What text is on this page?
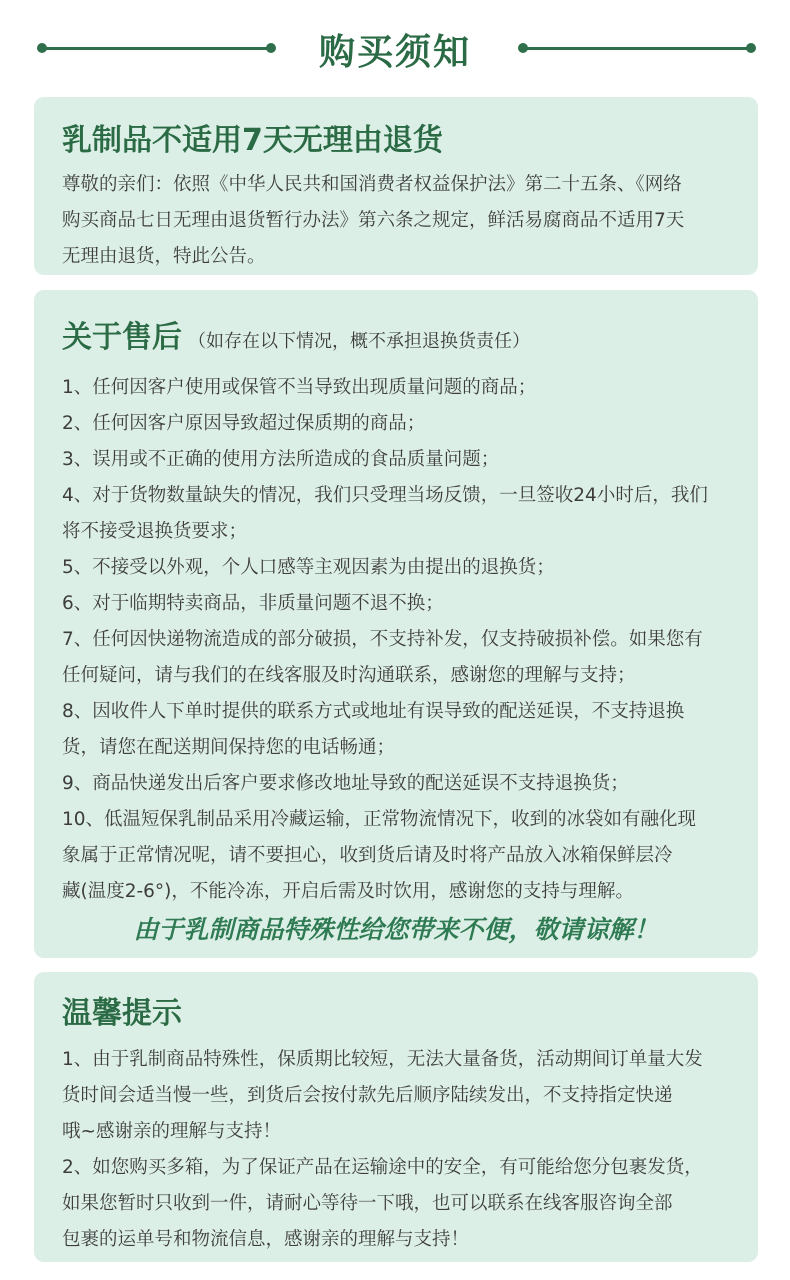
购买须知
乳制品不适用7天无理由退货
尊敬的亲们：依照《中华人民共和国消费者权益保护法》第二十五条、《网络
购买商品七日无理由退货暂行办法》第六条之规定，鲜活易腐商品不适用7天
无理由退货，特此公告。
关于售后 （如存在以下情况，概不承担退换货责任）
1、任何因客户使用或保管不当导致出现质量问题的商品；
2、任何因客户原因导致超过保质期的商品；
3、误用或不正确的使用方法所造成的食品质量问题；
4、对于货物数量缺失的情况，我们只受理当场反馈，一旦签收24小时后，我们
将不接受退换货要求；
5、不接受以外观，个人口感等主观因素为由提出的退换货；
6、对于临期特卖商品，非质量问题不退不换；
7、任何因快递物流造成的部分破损，不支持补发，仅支持破损补偿。如果您有
任何疑问，请与我们的在线客服及时沟通联系，感谢您的理解与支持；
8、因收件人下单时提供的联系方式或地址有误导致的配送延误，不支持退换
货，请您在配送期间保持您的电话畅通；
9、商品快递发出后客户要求修改地址导致的配送延误不支持退换货；
10、低温短保乳制品采用冷藏运输，正常物流情况下，收到的冰袋如有融化现
象属于正常情况呢，请不要担心，收到货后请及时将产品放入冰箱保鲜层冷
藏(温度2-6°)，不能冷冻，开启后需及时饮用，感谢您的支持与理解。
由于乳制商品特殊性给您带来不便，敬请谅解！
温馨提示
1、由于乳制商品特殊性，保质期比较短，无法大量备货，活动期间订单量大发
货时间会适当慢一些，到货后会按付款先后顺序陆续发出，不支持指定快递
哦~感谢亲的理解与支持！
2、如您购买多箱，为了保证产品在运输途中的安全，有可能给您分包裹发货，
如果您暂时只收到一件，请耐心等待一下哦，也可以联系在线客服咨询全部
包裹的运单号和物流信息，感谢亲的理解与支持！
